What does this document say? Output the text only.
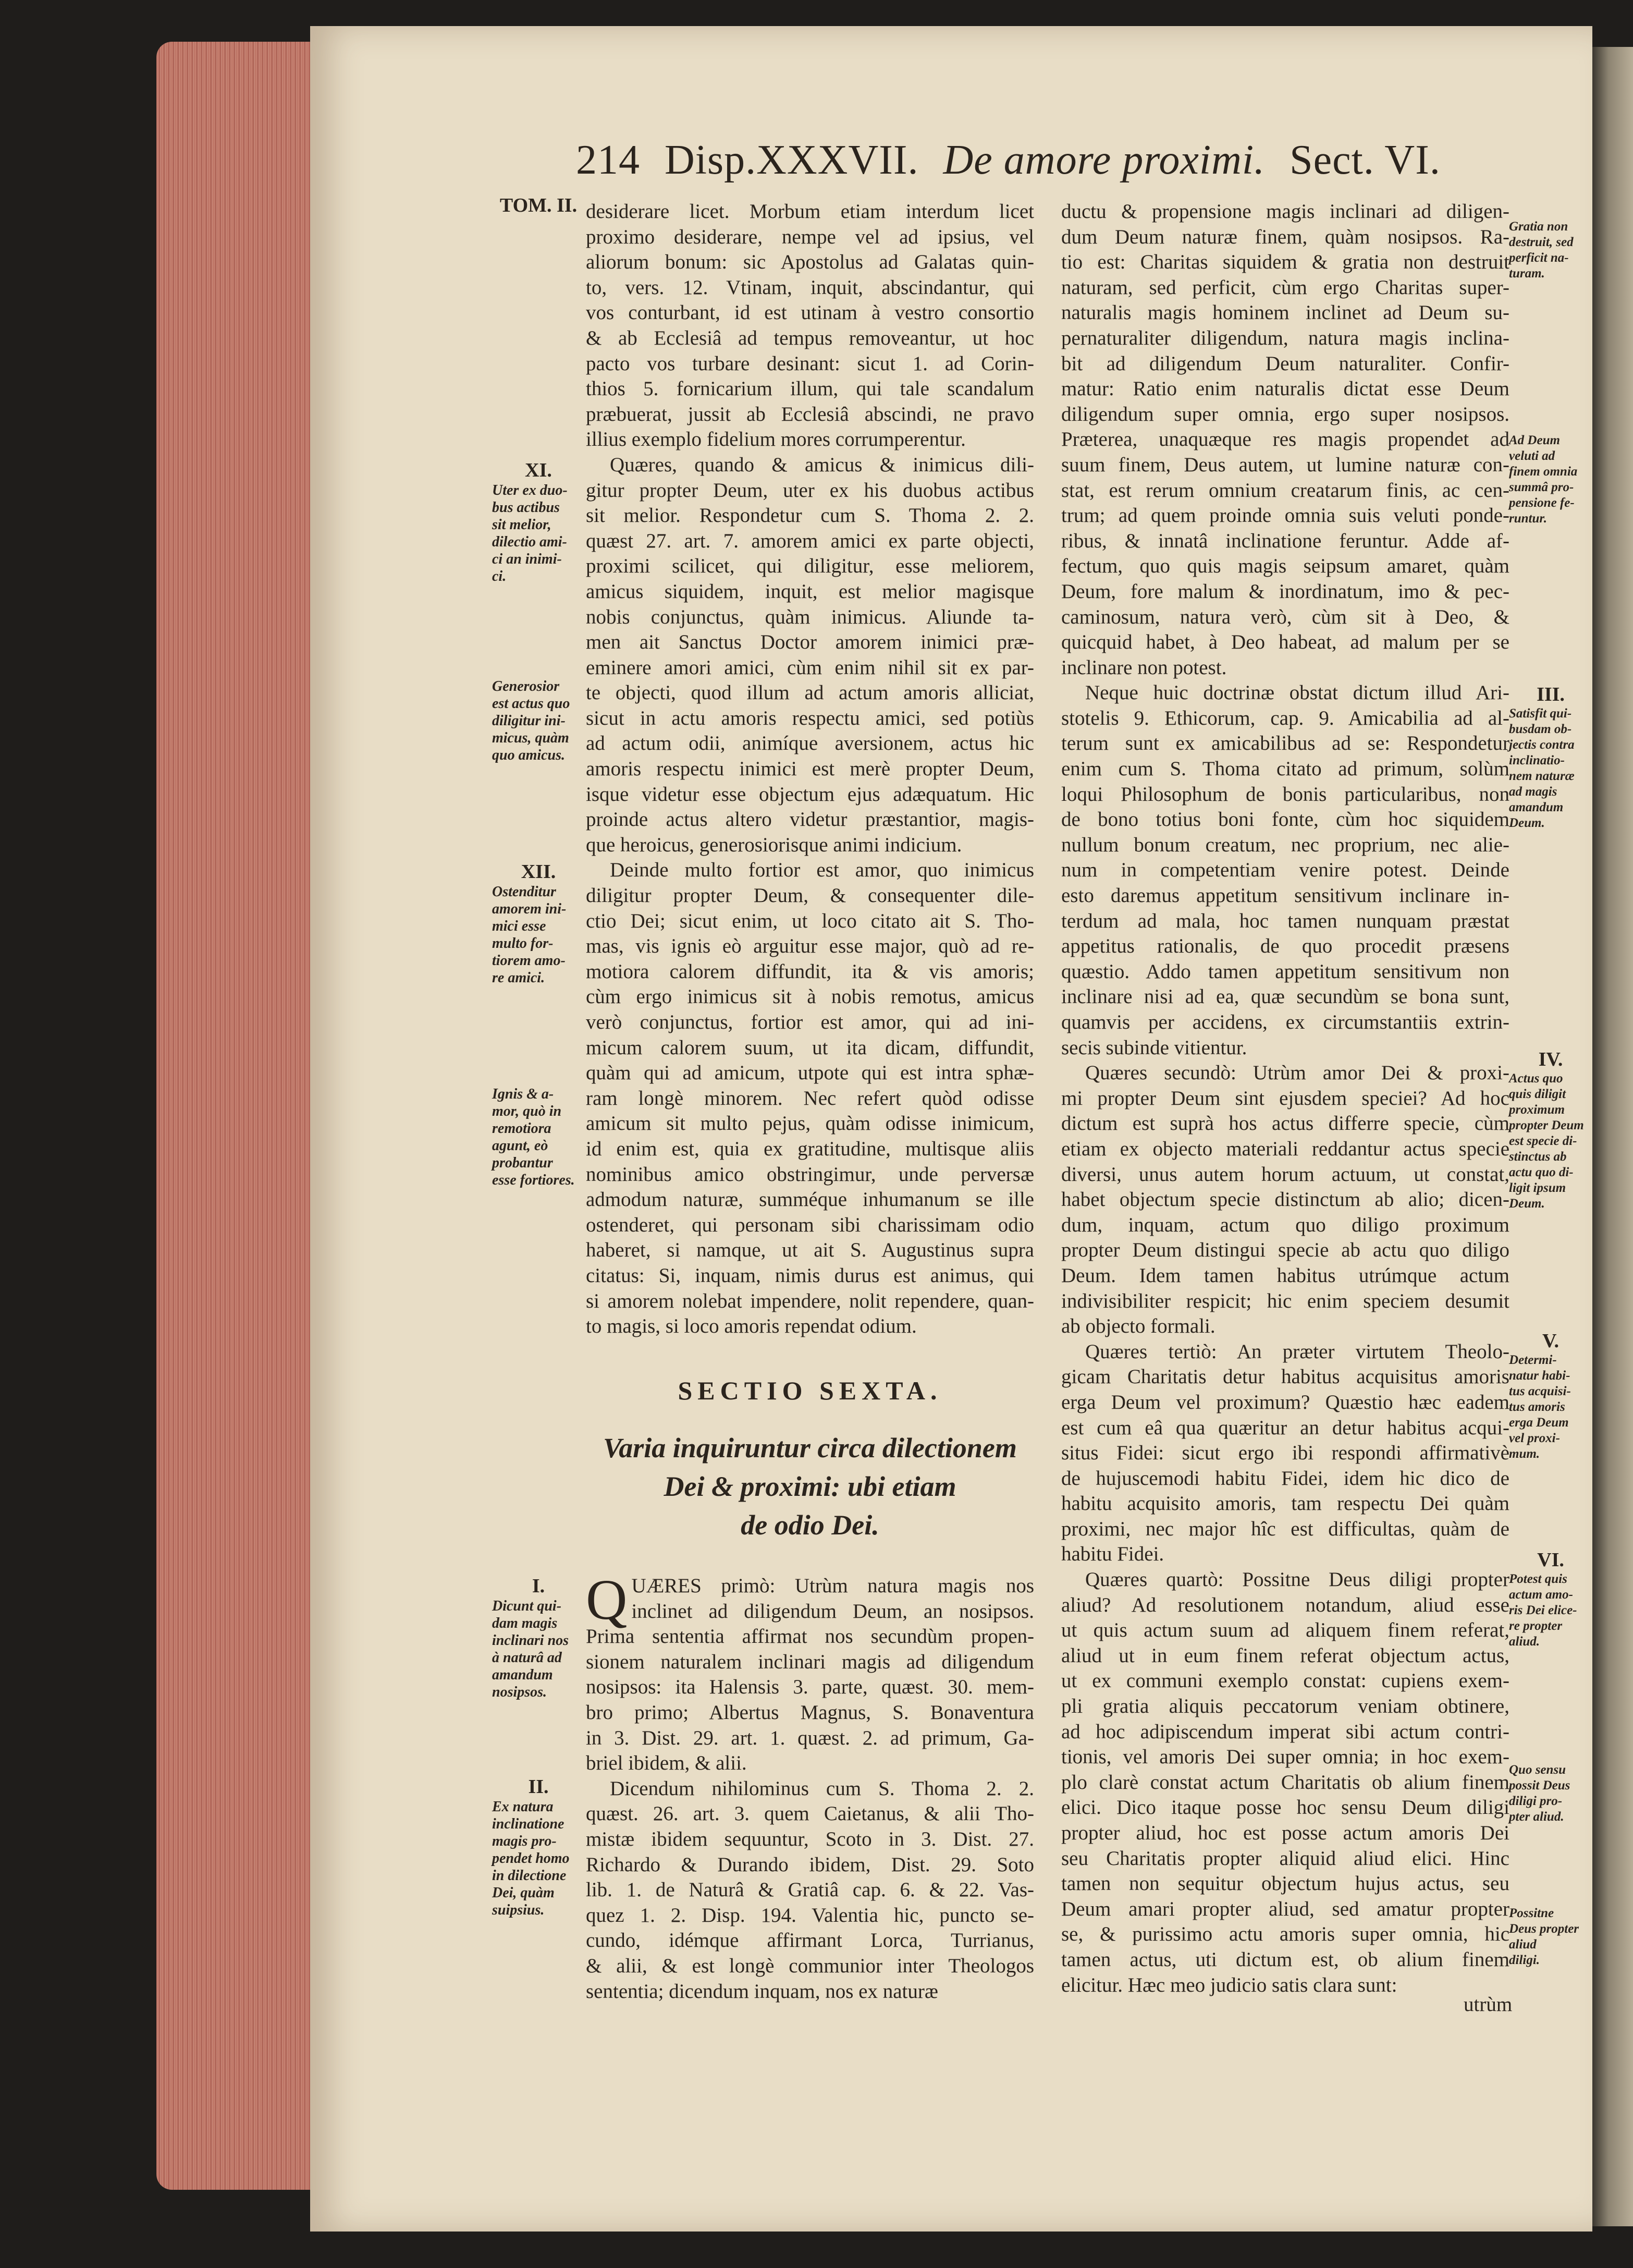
214 Disp.XXXVII. De amore proximi. Sect. VI.
desiderare licet. Morbum etiam interdum licet
proximo desiderare, nempe vel ad ipsius, vel
aliorum bonum: sic Apostolus ad Galatas quin-
to, vers. 12. Vtinam, inquit, abscindantur, qui
vos conturbant, id est utinam à vestro consortio
& ab Ecclesiâ ad tempus removeantur, ut hoc
pacto vos turbare desinant: sicut 1. ad Corin-
thios 5. fornicarium illum, qui tale scandalum
præbuerat, jussit ab Ecclesiâ abscindi, ne pravo
illius exemplo fidelium mores corrumperentur.
Quæres, quando & amicus & inimicus dili-
gitur propter Deum, uter ex his duobus actibus
sit melior. Respondetur cum S. Thoma 2. 2.
quæst 27. art. 7. amorem amici ex parte objecti,
proximi scilicet, qui diligitur, esse meliorem,
amicus siquidem, inquit, est melior magisque
nobis conjunctus, quàm inimicus. Aliunde ta-
men ait Sanctus Doctor amorem inimici præ-
eminere amori amici, cùm enim nihil sit ex par-
te objecti, quod illum ad actum amoris alliciat,
sicut in actu amoris respectu amici, sed potiùs
ad actum odii, animíque aversionem, actus hic
amoris respectu inimici est merè propter Deum,
isque videtur esse objectum ejus adæquatum. Hic
proinde actus altero videtur præstantior, magis-
que heroicus, generosiorisque animi indicium.
Deinde multo fortior est amor, quo inimicus
diligitur propter Deum, & consequenter dile-
ctio Dei; sicut enim, ut loco citato ait S. Tho-
mas, vis ignis eò arguitur esse major, quò ad re-
motiora calorem diffundit, ita & vis amoris;
cùm ergo inimicus sit à nobis remotus, amicus
verò conjunctus, fortior est amor, qui ad ini-
micum calorem suum, ut ita dicam, diffundit,
quàm qui ad amicum, utpote qui est intra sphæ-
ram longè minorem. Nec refert quòd odisse
amicum sit multo pejus, quàm odisse inimicum,
id enim est, quia ex gratitudine, multisque aliis
nominibus amico obstringimur, unde perversæ
admodum naturæ, summéque inhumanum se ille
ostenderet, qui personam sibi charissimam odio
haberet, si namque, ut ait S. Augustinus supra
citatus: Si, inquam, nimis durus est animus, qui
si amorem nolebat impendere, nolit rependere, quan-
to magis, si loco amoris rependat odium.
SECTIO SEXTA.
Varia inquiruntur circa dilectionem
Dei & proximi: ubi etiam
de odio Dei.
Q UÆRES primò: Utrùm natura magis nos
inclinet ad diligendum Deum, an nosipsos.
Prima sententia affirmat nos secundùm propen-
sionem naturalem inclinari magis ad diligendum
nosipsos: ita Halensis 3. parte, quæst. 30. mem-
bro primo; Albertus Magnus, S. Bonaventura
in 3. Dist. 29. art. 1. quæst. 2. ad primum, Ga-
briel ibidem, & alii.
Dicendum nihilominus cum S. Thoma 2. 2.
quæst. 26. art. 3. quem Caietanus, & alii Tho-
mistæ ibidem sequuntur, Scoto in 3. Dist. 27.
Richardo & Durando ibidem, Dist. 29. Soto
lib. 1. de Naturâ & Gratiâ cap. 6. & 22. Vas-
quez 1. 2. Disp. 194. Valentia hic, puncto se-
cundo, idémque affirmant Lorca, Turrianus,
& alii, & est longè communior inter Theologos
sententia; dicendum inquam, nos ex naturæ
ductu & propensione magis inclinari ad diligen-
dum Deum naturæ finem, quàm nosipsos. Ra-
tio est: Charitas siquidem & gratia non destruit
naturam, sed perficit, cùm ergo Charitas super-
naturalis magis hominem inclinet ad Deum su-
pernaturaliter diligendum, natura magis inclina-
bit ad diligendum Deum naturaliter. Confir-
matur: Ratio enim naturalis dictat esse Deum
diligendum super omnia, ergo super nosipsos.
Præterea, unaquæque res magis propendet ad
suum finem, Deus autem, ut lumine naturæ con-
stat, est rerum omnium creatarum finis, ac cen-
trum; ad quem proinde omnia suis veluti ponde-
ribus, & innatâ inclinatione feruntur. Adde af-
fectum, quo quis magis seipsum amaret, quàm
Deum, fore malum & inordinatum, imo & pec-
caminosum, natura verò, cùm sit à Deo, &
quicquid habet, à Deo habeat, ad malum per se
inclinare non potest.
Neque huic doctrinæ obstat dictum illud Ari-
stotelis 9. Ethicorum, cap. 9. Amicabilia ad al-
terum sunt ex amicabilibus ad se: Respondetur
enim cum S. Thoma citato ad primum, solùm
loqui Philosophum de bonis particularibus, non
de bono totius boni fonte, cùm hoc siquidem
nullum bonum creatum, nec proprium, nec alie-
num in competentiam venire potest. Deinde
esto daremus appetitum sensitivum inclinare in-
terdum ad mala, hoc tamen nunquam præstat
appetitus rationalis, de quo procedit præsens
quæstio. Addo tamen appetitum sensitivum non
inclinare nisi ad ea, quæ secundùm se bona sunt,
quamvis per accidens, ex circumstantiis extrin-
secis subinde vitientur.
Quæres secundò: Utrùm amor Dei & proxi-
mi propter Deum sint ejusdem speciei? Ad hoc
dictum est suprà hos actus differre specie, cùm
etiam ex objecto materiali reddantur actus specie
diversi, unus autem horum actuum, ut constat,
habet objectum specie distinctum ab alio; dicen-
dum, inquam, actum quo diligo proximum
propter Deum distingui specie ab actu quo diligo
Deum. Idem tamen habitus utrúmque actum
indivisibiliter respicit; hic enim speciem desumit
ab objecto formali.
Quæres tertiò: An præter virtutem Theolo-
gicam Charitatis detur habitus acquisitus amoris
erga Deum vel proximum? Quæstio hæc eadem
est cum eâ qua quæritur an detur habitus acqui-
situs Fidei: sicut ergo ibi respondi affirmativè
de hujuscemodi habitu Fidei, idem hic dico de
habitu acquisito amoris, tam respectu Dei quàm
proximi, nec major hîc est difficultas, quàm de
habitu Fidei.
Quæres quartò: Possitne Deus diligi propter
aliud? Ad resolutionem notandum, aliud esse
ut quis actum suum ad aliquem finem referat,
aliud ut in eum finem referat objectum actus,
ut ex communi exemplo constat: cupiens exem-
pli gratia aliquis peccatorum veniam obtinere,
ad hoc adipiscendum imperat sibi actum contri-
tionis, vel amoris Dei super omnia; in hoc exem-
plo clarè constat actum Charitatis ob alium finem
elici. Dico itaque posse hoc sensu Deum diligi
propter aliud, hoc est posse actum amoris Dei
seu Charitatis propter aliquid aliud elici. Hinc
tamen non sequitur objectum hujus actus, seu
Deum amari propter aliud, sed amatur propter
se, & purissimo actu amoris super omnia, hic
tamen actus, uti dictum est, ob alium finem
elicitur. Hæc meo judicio satis clara sunt:
utrùm
TOM. II.
XI.
Uter ex duo-
bus actibus
sit melior,
dilectio ami-
ci an inimi-
ci.
Generosior
est actus quo
diligitur ini-
micus, quàm
quo amicus.
XII.
Ostenditur
amorem ini-
mici esse
multo for-
tiorem amo-
re amici.
Ignis & a-
mor, quò in
remotiora
agunt, eò
probantur
esse fortiores.
I.
Dicunt qui-
dam magis
inclinari nos
à naturâ ad
amandum
nosipsos.
II.
Ex natura
inclinatione
magis pro-
pendet homo
in dilectione
Dei, quàm
suipsius.
Gratia non
destruit, sed
perficit na-
turam.
Ad Deum
veluti ad
finem omnia
summâ pro-
pensione fe-
runtur.
III.
Satisfit qui-
busdam ob-
jectis contra
inclinatio-
nem naturæ
ad magis
amandum
Deum.
IV.
Actus quo
quis diligit
proximum
propter Deum
est specie di-
stinctus ab
actu quo di-
ligit ipsum
Deum.
V.
Determi-
natur habi-
tus acquisi-
tus amoris
erga Deum
vel proxi-
mum.
VI.
Potest quis
actum amo-
ris Dei elice-
re propter
aliud.
Quo sensu
possit Deus
diligi pro-
pter aliud.
Possitne
Deus propter
aliud
diligi.
